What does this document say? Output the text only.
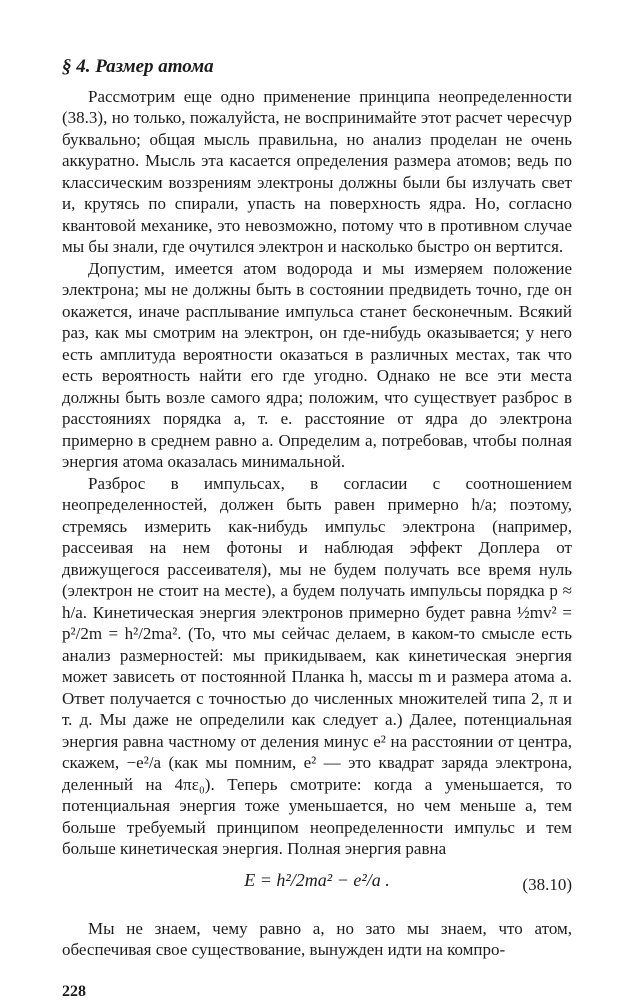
§ 4. Размер атома

Рассмотрим еще одно применение принципа неопределенности (38.3), но только, пожалуйста, не воспринимайте этот расчет чересчур буквально; общая мысль правильна, но анализ проделан не очень аккуратно. Мысль эта касается определения размера атомов; ведь по классическим воззрениям электроны должны были бы излучать свет и, крутясь по спирали, упасть на поверхность ядра. Но, согласно квантовой механике, это невозможно, потому что в противном случае мы бы знали, где очутился электрон и насколько быстро он вертится.

Допустим, имеется атом водорода и мы измеряем положение электрона; мы не должны быть в состоянии предвидеть точно, где он окажется, иначе расплывание импульса станет бесконечным. Всякий раз, как мы смотрим на электрон, он где-нибудь оказывается; у него есть амплитуда вероятности оказаться в различных местах, так что есть вероятность найти его где угодно. Однако не все эти места должны быть возле самого ядра; положим, что существует разброс в расстояниях порядка a, т. е. расстояние от ядра до электрона примерно в среднем равно a. Определим a, потребовав, чтобы полная энергия атома оказалась минимальной.

Разброс в импульсах, в согласии с соотношением неопределенностей, должен быть равен примерно h/a; поэтому, стремясь измерить как-нибудь импульс электрона (например, рассеивая на нем фотоны и наблюдая эффект Доплера от движущегося рассеивателя), мы не будем получать все время нуль (электрон не стоит на месте), а будем получать импульсы порядка p ≈ h/a. Кинетическая энергия электронов примерно будет равна ½mv² = p²/2m = h²/2ma². (То, что мы сейчас делаем, в каком-то смысле есть анализ размерностей: мы прикидываем, как кинетическая энергия может зависеть от постоянной Планка h, массы m и размера атома a. Ответ получается с точностью до численных множителей типа 2, π и т. д. Мы даже не определили как следует a.) Далее, потенциальная энергия равна частному от деления минус e² на расстоянии от центра, скажем, −e²/a (как мы помним, e² — это квадрат заряда электрона, деленный на 4πε₀). Теперь смотрите: когда a уменьшается, то потенциальная энергия тоже уменьшается, но чем меньше a, тем больше требуемый принципом неопределенности импульс и тем больше кинетическая энергия. Полная энергия равна

E = h²/2ma² − e²/a .	(38.10)

Мы не знаем, чему равно a, но зато мы знаем, что атом, обеспечивая свое существование, вынужден идти на компро-

228
